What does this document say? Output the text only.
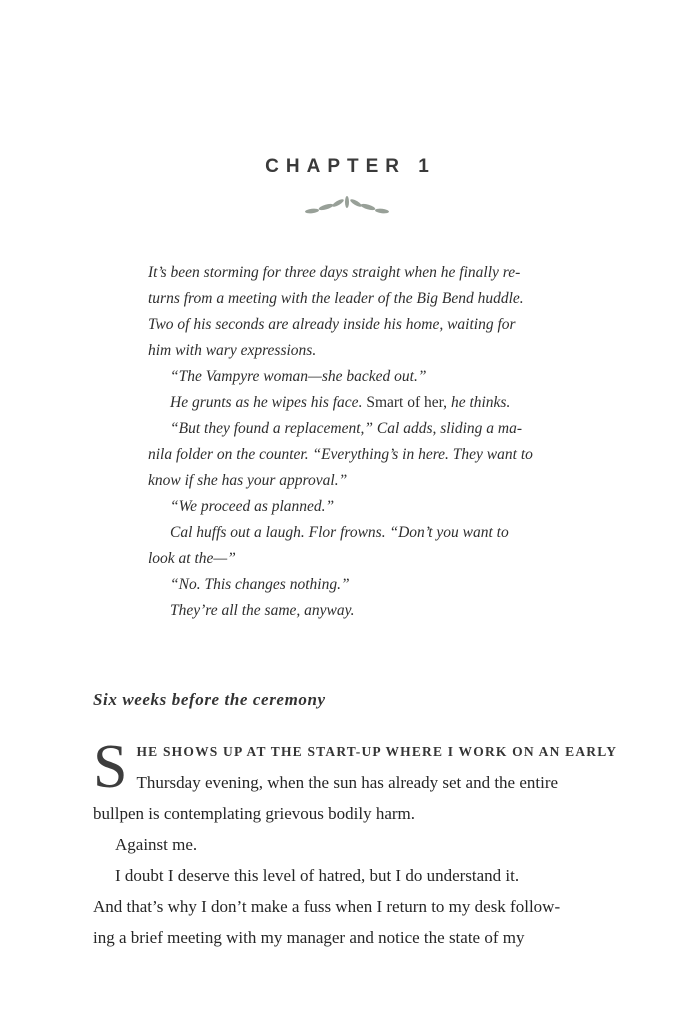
CHAPTER 1
It’s been storming for three days straight when he finally re-
turns from a meeting with the leader of the Big Bend huddle.
Two of his seconds are already inside his home, waiting for
him with wary expressions.
“The Vampyre woman—she backed out.”
He grunts as he wipes his face. Smart of her, he thinks.
“But they found a replacement,” Cal adds, sliding a ma-
nila folder on the counter. “Everything’s in here. They want to
know if she has your approval.”
“We proceed as planned.”
Cal huffs out a laugh. Flor frowns. “Don’t you want to
look at the—”
“No. This changes nothing.”
They’re all the same, anyway.
Six weeks before the ceremony
S HE SHOWS UP AT THE START-UP WHERE I WORK ON AN EARLY
Thursday evening, when the sun has already set and the entire
bullpen is contemplating grievous bodily harm.
Against me.
I doubt I deserve this level of hatred, but I do understand it.
And that’s why I don’t make a fuss when I return to my desk follow-
ing a brief meeting with my manager and notice the state of my
